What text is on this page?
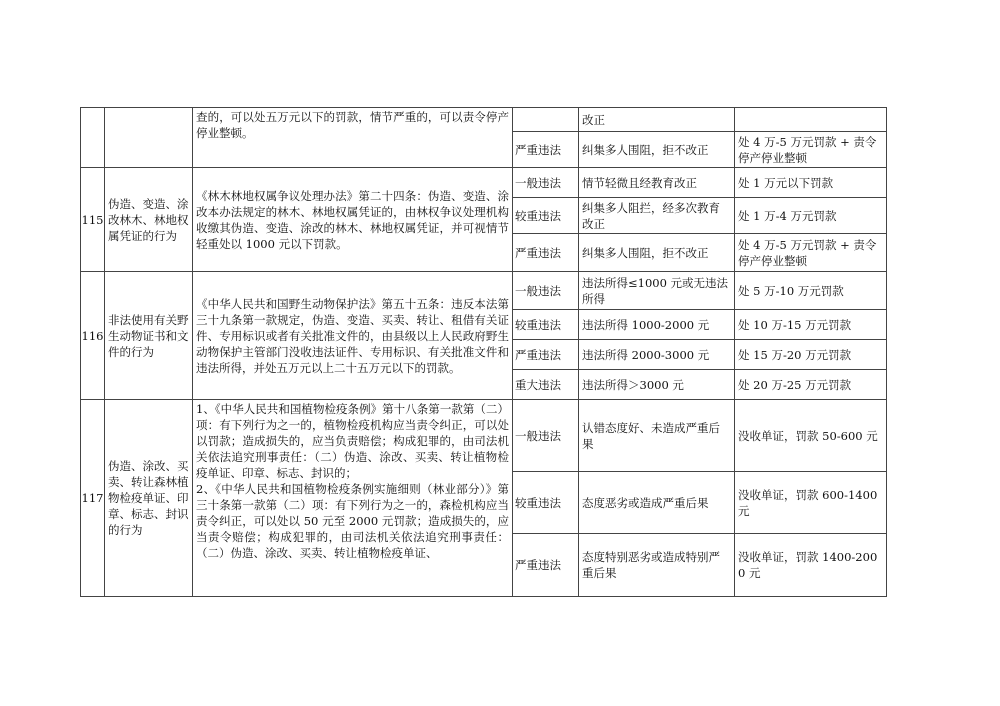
		查的，可以处五万元以下的罚款，情节严重的，可以责令停产停业整顿。		改正	
			严重违法	纠集多人围阻，拒不改正	处 4 万-5 万元罚款 + 责令停产停业整顿
115	伪造、变造、涂改林木、林地权属凭证的行为	《林木林地权属争议处理办法》第二十四条：伪造、变造、涂改本办法规定的林木、林地权属凭证的，由林权争议处理机构收缴其伪造、变造、涂改的林木、林地权属凭证，并可视情节轻重处以 1000 元以下罚款。	一般违法	情节轻微且经教育改正	处 1 万元以下罚款
			较重违法	纠集多人阻拦，经多次教育改正	处 1 万-4 万元罚款
			严重违法	纠集多人围阻，拒不改正	处 4 万-5 万元罚款 + 责令停产停业整顿
116	非法使用有关野生动物证书和文件的行为	《中华人民共和国野生动物保护法》第五十五条：违反本法第三十九条第一款规定，伪造、变造、买卖、转让、租借有关证件、专用标识或者有关批准文件的，由县级以上人民政府野生动物保护主管部门没收违法证件、专用标识、有关批准文件和违法所得，并处五万元以上二十五万元以下的罚款。	一般违法	违法所得≤1000 元或无违法所得	处 5 万-10 万元罚款
			较重违法	违法所得 1000-2000 元	处 10 万-15 万元罚款
			严重违法	违法所得 2000-3000 元	处 15 万-20 万元罚款
			重大违法	违法所得＞3000 元	处 20 万-25 万元罚款
117	伪造、涂改、买卖、转让森林植物检疫单证、印章、标志、封识的行为	1、《中华人民共和国植物检疫条例》第十八条第一款第（二）项：有下列行为之一的，植物检疫机构应当责令纠正，可以处以罚款；造成损失的，应当负责赔偿；构成犯罪的，由司法机关依法追究刑事责任：（二）伪造、涂改、买卖、转让植物检疫单证、印章、标志、封识的；
2、《中华人民共和国植物检疫条例实施细则（林业部分）》第三十条第一款第（二）项：有下列行为之一的，森检机构应当责令纠正，可以处以 50 元至 2000 元罚款；造成损失的，应当责令赔偿；构成犯罪的，由司法机关依法追究刑事责任：（二）伪造、涂改、买卖、转让植物检疫单证、	一般违法	认错态度好、未造成严重后果	没收单证，罚款 50-600 元
			较重违法	态度恶劣或造成严重后果	没收单证，罚款 600-1400 元
			严重违法	态度特别恶劣或造成特别严重后果	没收单证，罚款 1400-2000 元
